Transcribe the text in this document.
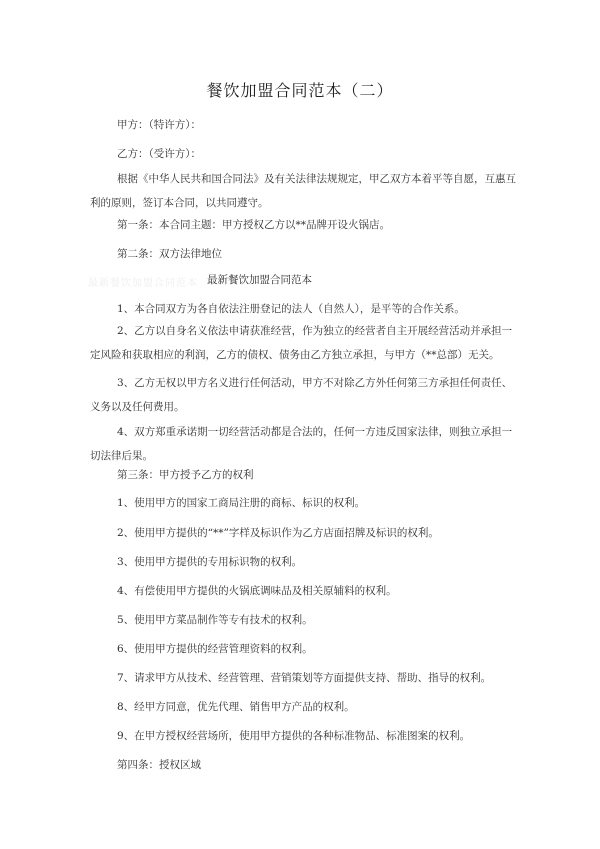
餐饮加盟合同范本（二）
甲方：（特许方）：
乙方：（受许方）：
根据《中华人民共和国合同法》及有关法律法规规定，甲乙双方本着平等自愿，互惠互
利的原则，签订本合同，以共同遵守。
第一条：本合同主题：甲方授权乙方以**品牌开设火锅店。
第二条：双方法律地位
最新餐饮加盟合同范本 最新餐饮加盟合同范本
1、本合同双方为各自依法注册登记的法人（自然人），是平等的合作关系。
2、乙方以自身名义依法申请获准经营，作为独立的经营者自主开展经营活动并承担一
定风险和获取相应的利润，乙方的债权、债务由乙方独立承担，与甲方（**总部）无关。
3、乙方无权以甲方名义进行任何活动，甲方不对除乙方外任何第三方承担任何责任、
义务以及任何费用。
4、双方郑重承诺期一切经营活动都是合法的，任何一方违反国家法律，则独立承担一
切法律后果。
第三条：甲方授予乙方的权利
1、使用甲方的国家工商局注册的商标、标识的权利。
2、使用甲方提供的“**”字样及标识作为乙方店面招牌及标识的权利。
3、使用甲方提供的专用标识物的权利。
4、有偿使用甲方提供的火锅底调味品及相关原辅料的权利。
5、使用甲方菜品制作等专有技术的权利。
6、使用甲方提供的经营管理资料的权利。
7、请求甲方从技术、经营管理、营销策划等方面提供支持、帮助、指导的权利。
8、经甲方同意，优先代理、销售甲方产品的权利。
9、在甲方授权经营场所，使用甲方提供的各种标准物品、标准图案的权利。
第四条：授权区域
